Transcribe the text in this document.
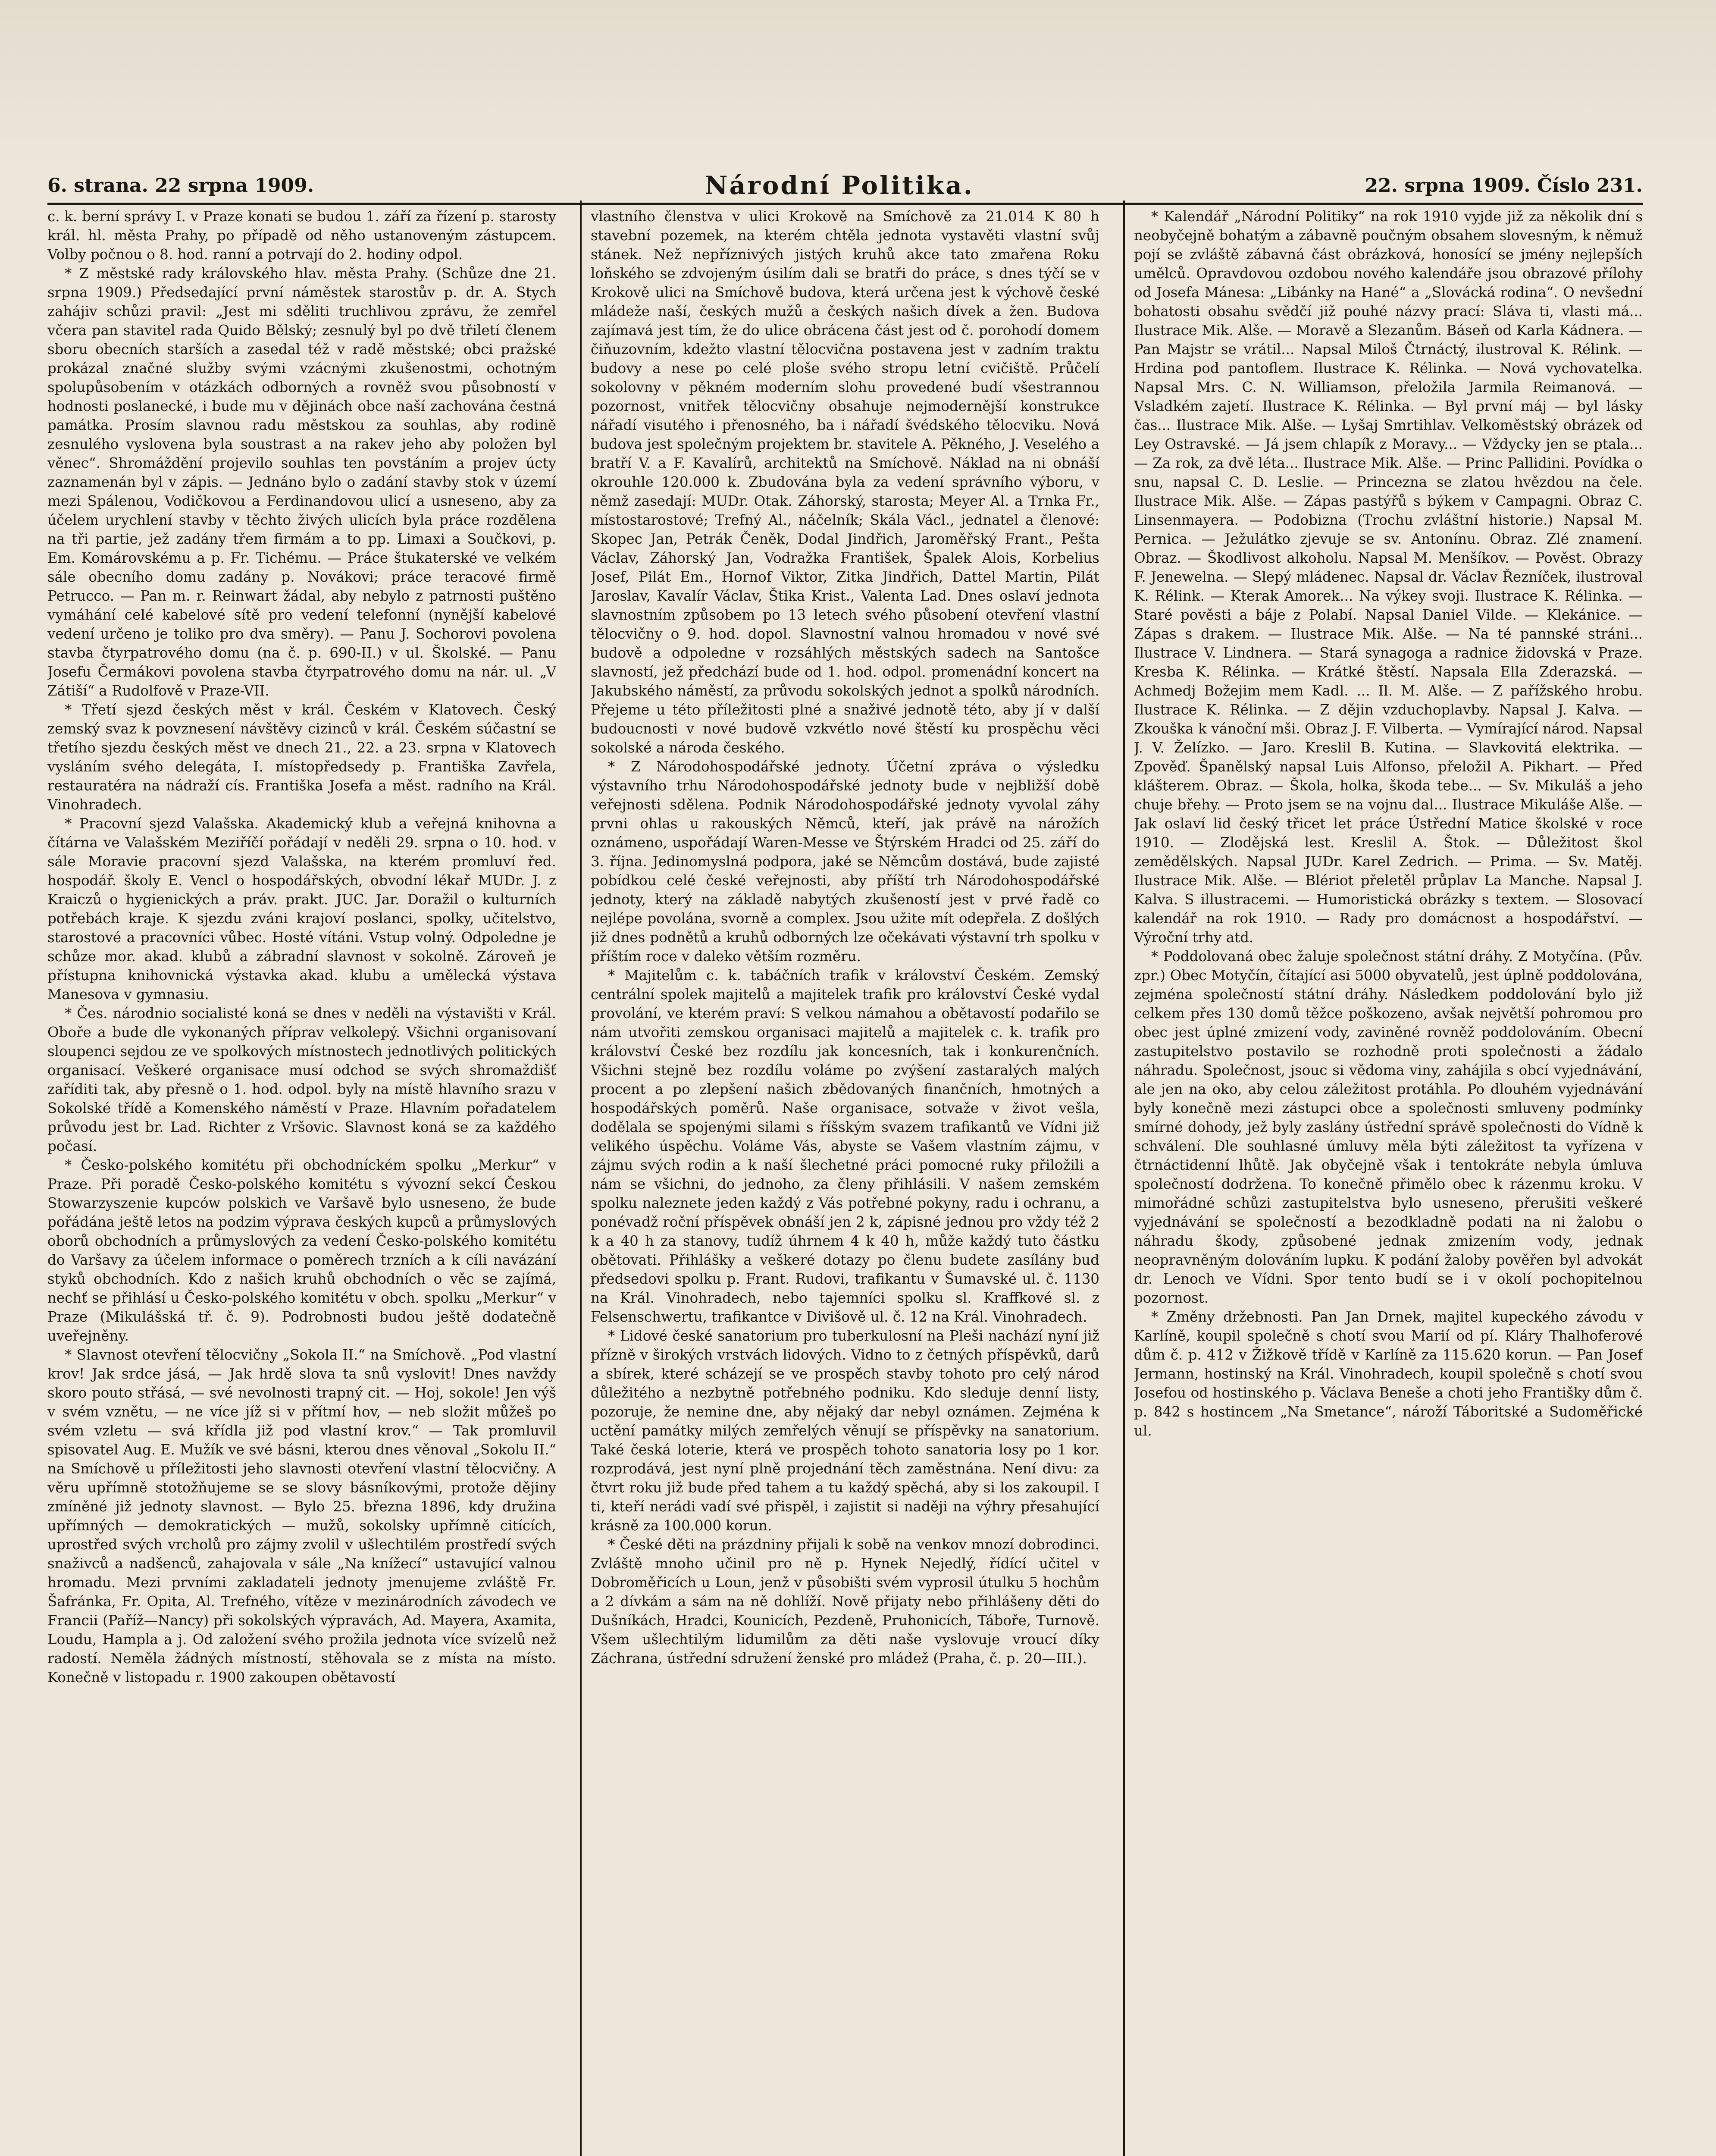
6. strana. 22 srpna 1909.	Národní Politika.	22. srpna 1909. Číslo 231.

c. k. berní správy I. v Praze konati se budou 1. září za řízení p. starosty král. hl. města Prahy, po případě od něho ustanoveným zástupcem. Volby počnou o 8. hod. ranní a potrvají do 2. hodiny odpol.

* Z městské rady královského hlav. města Prahy. (Schůze dne 21. srpna 1909.) Předsedající první náměstek starostův p. dr. A. Stych zahájiv schůzi pravil: „Jest mi sděliti truchlivou zprávu, že zemřel včera pan stavitel rada Quido Bělský; zesnulý byl po dvě třiletí členem sboru obecních starších a zasedal též v radě městské; obci pražské prokázal značné služby svými vzácnými zkušenostmi, ochotným spolupůsobením v otázkách odborných a rovněž svou působností v hodnosti poslanecké, i bude mu v dějinách obce naší zachována čestná památka. Prosím slavnou radu městskou za souhlas, aby rodině zesnulého vyslovena byla soustrast a na rakev jeho aby položen byl věnec“. Shromáždění projevilo souhlas ten povstáním a projev úcty zaznamenán byl v zápis. — Jednáno bylo o zadání stavby stok v území mezi Spálenou, Vodičkovou a Ferdinandovou ulicí a usneseno, aby za účelem urychlení stavby v těchto živých ulicích byla práce rozdělena na tři partie, jež zadány třem firmám a to pp. Limaxi a Součkovi, p. Em. Komárovskému a p. Fr. Tichému. — Práce štukaterské ve velkém sále obecního domu zadány p. Novákovi; práce teracové firmě Petrucco. — Pan m. r. Reinwart žádal, aby nebylo z patrnosti puštěno vymáhání celé kabelové sítě pro vedení telefonní (nynější kabelové vedení určeno je toliko pro dva směry). — Panu J. Sochorovi povolena stavba čtyrpatrového domu (na č. p. 690-II.) v ul. Školské. — Panu Josefu Čermákovi povolena stavba čtyrpatrového domu na nár. ul. „V Zátiší“ a Rudolfově v Praze-VII.

* Třetí sjezd českých měst v král. Českém v Klatovech. Český zemský svaz k povznesení návštěvy cizinců v král. Českém súčastní se třetího sjezdu českých měst ve dnech 21., 22. a 23. srpna v Klatovech vysláním svého delegáta, I. místopředsedy p. Františka Zavřela, restauratéra na nádraží cís. Františka Josefa a měst. radního na Král. Vinohradech.

* Pracovní sjezd Valašska. Akademický klub a veřejná knihovna a čítárna ve Valašském Meziříčí pořádají v neděli 29. srpna o 10. hod. v sále Moravie pracovní sjezd Valašska, na kterém promluví řed. hospodář. školy E. Vencl o hospodářských, obvodní lékař MUDr. J. z Kraiczů o hygienických a práv. prakt. JUC. Jar. Doražil o kulturních potřebách kraje. K sjezdu zváni krajoví poslanci, spolky, učitelstvo, starostové a pracovníci vůbec. Hosté vítáni. Vstup volný. Odpoledne je schůze mor. akad. klubů a zábradní slavnost v sokolně. Zároveň je přístupna knihovnická výstavka akad. klubu a umělecká výstava Manesova v gymnasiu.

* Čes. národnio socialisté koná se dnes v neděli na výstavišti v Král. Oboře a bude dle vykonaných příprav velkolepý. Všichni organisovaní sloupenci sejdou ze ve spolkových místnostech jednotlivých politických organisací. Veškeré organisace musí odchod se svých shromaždišť zaříditi tak, aby přesně o 1. hod. odpol. byly na místě hlavního srazu v Sokolské třídě a Komenského náměstí v Praze. Hlavním pořadatelem průvodu jest br. Lad. Richter z Vršovic. Slavnost koná se za každého počasí.

* Česko-polského komitétu při obchodníckém spolku „Merkur“ v Praze. Při poradě Česko-polského komitétu s vývozní sekcí Českou Stowarzyszenie kupców polskich ve Varšavě bylo usneseno, že bude pořádána ještě letos na podzim výprava českých kupců a průmyslových oborů obchodních a průmyslových za vedení Česko-polského komitétu do Varšavy za účelem informace o poměrech trzních a k cíli navázání styků obchodních. Kdo z našich kruhů obchodních o věc se zajímá, nechť se přihlásí u Česko-polského komitétu v obch. spolku „Merkur“ v Praze (Mikulášská tř. č. 9). Podrobnosti budou ještě dodatečně uveřejněny.

* Slavnost otevření tělocvičny „Sokola II.“ na Smíchově. „Pod vlastní krov! Jak srdce jásá, — Jak hrdě slova ta snů vyslovit! Dnes navždy skoro pouto střásá, — své nevolnosti trapný cit. — Hoj, sokole! Jen výš v svém vznětu, — ne více jíž si v přítmí hov, — neb složit můžeš po svém vzletu — svá křídla již pod vlastní krov.“ — Tak promluvil spisovatel Aug. E. Mužík ve své básni, kterou dnes věnoval „Sokolu II.“ na Smíchově u příležitosti jeho slavnosti otevření vlastní tělocvičny. A věru upřímně stotožňujeme se se slovy básníkovými, protože dějiny zmíněné již jednoty slavnost. — Bylo 25. března 1896, kdy družina upřímných — demokratických — mužů, sokolsky upřímně citících, uprostřed svých vrcholů pro zájmy zvolil v ušlechtilém prostředí svých snaživců a nadšenců, zahajovala v sále „Na knížecí“ ustavující valnou hromadu. Mezi prvními zakladateli jednoty jmenujeme zvláště Fr. Šafránka, Fr. Opita, Al. Trefného, vítěze v mezinárodních závodech ve Francii (Paříž—Nancy) při sokolských výpravách, Ad. Mayera, Axamita, Loudu, Hampla a j. Od založení svého prožila jednota více svízelů než radostí. Neměla žádných místností, stěhovala se z místa na místo. Konečně v listopadu r. 1900 zakoupen obětavostí

vlastního členstva v ulici Krokově na Smíchově za 21.014 K 80 h stavební pozemek, na kterém chtěla jednota vystavěti vlastní svůj stánek. Než nepříznivých jistých kruhů akce tato zmařena Roku loňského se zdvojeným úsilím dali se bratři do práce, s dnes týčí se v Krokově ulici na Smíchově budova, která určena jest k výchově české mládeže naší, českých mužů a českých našich dívek a žen. Budova zajímavá jest tím, že do ulice obrácena část jest od č. porohodí domem čiňuzovním, kdežto vlastní tělocvična postavena jest v zadním traktu budovy a nese po celé ploše svého stropu letní cvičiště. Průčelí sokolovny v pěkném moderním slohu provedené budí všestrannou pozornost, vnitřek tělocvičny obsahuje nejmodernější konstrukce nářadí visutého i přenosného, ba i nářadí švédského tělocviku. Nová budova jest společným projektem br. stavitele A. Pěkného, J. Veselého a bratří V. a F. Kavalírů, architektů na Smíchově. Náklad na ni obnáší okrouhle 120.000 k. Zbudována byla za vedení správního výboru, v němž zasedají: MUDr. Otak. Záhorský, starosta; Meyer Al. a Trnka Fr., místostarostové; Trefný Al., náčelník; Skála Václ., jednatel a členové: Skopec Jan, Petrák Čeněk, Dodal Jindřich, Jaroměřský Frant., Pešta Václav, Záhorský Jan, Vodražka František, Špalek Alois, Korbelius Josef, Pilát Em., Hornof Viktor, Zitka Jindřich, Dattel Martin, Pilát Jaroslav, Kavalír Václav, Štika Krist., Valenta Lad. Dnes oslaví jednota slavnostním způsobem po 13 letech svého působení otevření vlastní tělocvičny o 9. hod. dopol. Slavnostní valnou hromadou v nové své budově a odpoledne v rozsáhlých městských sadech na Santošce slavností, jež předchází bude od 1. hod. odpol. promenádní koncert na Jakubského náměstí, za průvodu sokolských jednot a spolků národních. Přejeme u této příležitosti plné a snaživé jednotě této, aby jí v další budoucnosti v nové budově vzkvétlo nové štěstí ku prospěchu věci sokolské a národa českého.

* Z Národohospodářské jednoty. Účetní zpráva o výsledku výstavního trhu Národohospodářské jednoty bude v nejbližší době veřejnosti sdělena. Podnik Národohospodářské jednoty vyvolal záhy prvni ohlas u rakouských Němců, kteří, jak právě na nárožích oznámeno, uspořádají Waren-Messe ve Štýrském Hradci od 25. září do 3. října. Jedinomyslná podpora, jaké se Němcům dostává, bude zajisté pobídkou celé české veřejnosti, aby příští trh Národohospodářské jednoty, který na základě nabytých zkušeností jest v prvé řadě co nejlépe povolána, svorně a complex. Jsou užite mít odepřela. Z došlých již dnes podnětů a kruhů odborných lze očekávati výstavní trh spolku v příštím roce v daleko větším rozměru.

* Majitelům c. k. tabáčních trafik v království Českém. Zemský centrální spolek majitelů a majitelek trafik pro království České vydal provolání, ve kterém praví: S velkou námahou a obětavostí podařilo se nám utvořiti zemskou organisaci majitelů a majitelek c. k. trafik pro království České bez rozdílu jak koncesních, tak i konkurenčních. Všichni stejně bez rozdílu voláme po zvýšení zastaralých malých procent a po zlepšení našich zbědovaných finančních, hmotných a hospodářských poměrů. Naše organisace, sotvaže v život vešla, dodělala se spojenými silami s říšským svazem trafikantů ve Vídni již velikého úspěchu. Voláme Vás, abyste se Vašem vlastním zájmu, v zájmu svých rodin a k naší šlechetné práci pomocné ruky přiložili a nám se všichni, do jednoho, za členy přihlásili. V našem zemském spolku naleznete jeden každý z Vás potřebné pokyny, radu i ochranu, a ponévadž roční příspěvek obnáší jen 2 k, zápisné jednou pro vždy též 2 k a 40 h za stanovy, tudíž úhrnem 4 k 40 h, může každý tuto částku obětovati. Přihlášky a veškeré dotazy po členu budete zasílány buď předsedovi spolku p. Frant. Rudovi, trafikantu v Šumavské ul. č. 1130 na Král. Vinohradech, nebo tajemníci spolku sl. Kraffkové sl. z Felsenschwertu, trafikantce v Divišově ul. č. 12 na Král. Vinohradech.

* Lidové české sanatorium pro tuberkulosní na Pleši nachází nyní již přízně v širokých vrstvách lidových. Vidno to z četných příspěvků, darů a sbírek, které scházejí se ve prospěch stavby tohoto pro celý národ důležitého a nezbytně potřebného podniku. Kdo sleduje denní listy, pozoruje, že nemine dne, aby nějaký dar nebyl oznámen. Zejména k uctění památky milých zemřelých věnují se příspěvky na sanatorium. Také česká loterie, která ve prospěch tohoto sanatoria losy po 1 kor. rozprodává, jest nyní plně projednání těch zaměstnána. Není divu: za čtvrt roku již bude před tahem a tu každý spěchá, aby si los zakoupil. I ti, kteří nerádi vadí své přispěl, i zajistit si naději na výhry přesahující krásně za 100.000 korun.

* České děti na prázdniny přijali k sobě na venkov mnozí dobrodinci. Zvláště mnoho učinil pro ně p. Hynek Nejedlý, řídící učitel v Dobroměřicích u Loun, jenž v působišti svém vyprosil útulku 5 hochům a 2 dívkám a sám na ně dohlíží. Nově přijaty nebo přihlášeny děti do Dušníkách, Hradci, Kounicích, Pezdeně, Pruhonicích, Táboře, Turnově. Všem ušlechtilým lidumilům za děti naše vyslovuje vroucí díky Záchrana, ústřední sdružení ženské pro mládež (Praha, č. p. 20—III.).

* Kalendář „Národní Politiky“ na rok 1910 vyjde již za několik dní s neobyčejně bohatým a zábavně poučným obsahem slovesným, k němuž pojí se zvláště zábavná část obrázková, honosící se jmény nejlepších umělců. Opravdovou ozdobou nového kalendáře jsou obrazové přílohy od Josefa Mánesa: „Libánky na Hané“ a „Slovácká rodina“. O nevšední bohatosti obsahu svědčí již pouhé názvy prací: Sláva ti, vlasti má... Ilustrace Mik. Alše. — Moravě a Slezanům. Báseň od Karla Kádnera. — Pan Majstr se vrátil... Napsal Miloš Čtrnáctý, ilustroval K. Rélink. — Hrdina pod pantoflem. Ilustrace K. Rélinka. — Nová vychovatelka. Napsal Mrs. C. N. Williamson, přeložila Jarmila Reimanová. — Vsladkém zajetí. Ilustrace K. Rélinka. — Byl první máj — byl lásky čas... Ilustrace Mik. Alše. — Lyšaj Smrtihlav. Velkoměstský obrázek od Ley Ostravské. — Já jsem chlapík z Moravy... — Vždycky jen se ptala... — Za rok, za dvě léta... Ilustrace Mik. Alše. — Princ Pallidini. Povídka o snu, napsal C. D. Leslie. — Princezna se zlatou hvězdou na čele. Ilustrace Mik. Alše. — Zápas pastýřů s býkem v Campagni. Obraz C. Linsenmayera. — Podobizna (Trochu zvláštní historie.) Napsal M. Pernica. — Ježulátko zjevuje se sv. Antonínu. Obraz. Zlé znamení. Obraz. — Škodlivost alkoholu. Napsal M. Menšíkov. — Pověst. Obrazy F. Jenewelna. — Slepý mládenec. Napsal dr. Václav Řezníček, ilustroval K. Rélink. — Kterak Amorek... Na výkey svoji. Ilustrace K. Rélinka. — Staré pověsti a báje z Polabí. Napsal Daniel Vilde. — Klekánice. — Zápas s drakem. — Ilustrace Mik. Alše. — Na té pannské stráni... Ilustrace V. Lindnera. — Stará synagoga a radnice židovská v Praze. Kresba K. Rélinka. — Krátké štěstí. Napsala Ella Zderazská. — Achmedj Božejim mem Kadl. ... Il. M. Alše. — Z pařížského hrobu. Ilustrace K. Rélinka. — Z dějin vzduchoplavby. Napsal J. Kalva. — Zkouška k vánoční mši. Obraz J. F. Vilberta. — Vymírající národ. Napsal J. V. Želízko. — Jaro. Kreslil B. Kutina. — Slavkovitá elektrika. — Zpověď. Španělský napsal Luis Alfonso, přeložil A. Pikhart. — Před klášterem. Obraz. — Škola, holka, škoda tebe... — Sv. Mikuláš a jeho chuje břehy. — Proto jsem se na vojnu dal... Ilustrace Mikuláše Alše. — Jak oslaví lid český třicet let práce Ústřední Matice školské v roce 1910. — Zlodějská lest. Kreslil A. Štok. — Důležitost škol zemědělských. Napsal JUDr. Karel Zedrich. — Prima. — Sv. Matěj. Ilustrace Mik. Alše. — Blériot přeletěl průplav La Manche. Napsal J. Kalva. S illustracemi. — Humoristická obrázky s textem. — Slosovací kalendář na rok 1910. — Rady pro domácnost a hospodářství. — Výroční trhy atd.

* Poddolovaná obec žaluje společnost státní dráhy. Z Motyčína. (Pův. zpr.) Obec Motyčín, čítající asi 5000 obyvatelů, jest úplně poddolována, zejména společností státní dráhy. Následkem poddolování bylo již celkem přes 130 domů těžce poškozeno, avšak největší pohromou pro obec jest úplné zmizení vody, zaviněné rovněž poddolováním. Obecní zastupitelstvo postavilo se rozhodně proti společnosti a žádalo náhradu. Společnost, jsouc si vědoma viny, zahájila s obcí vyjednávání, ale jen na oko, aby celou záležitost protáhla. Po dlouhém vyjednávání byly konečně mezi zástupci obce a společnosti smluveny podmínky smírné dohody, jež byly zaslány ústřední správě společnosti do Vídně k schválení. Dle souhlasné úmluvy měla býti záležitost ta vyřízena v čtrnáctidenní lhůtě. Jak obyčejně však i tentokráte nebyla úmluva společností dodržena. To konečně přimělo obec k rázenmu kroku. V mimořádné schůzi zastupitelstva bylo usneseno, přerušiti veškeré vyjednávání se společností a bezodkladně podati na ni žalobu o náhradu škody, způsobené jednak zmizením vody, jednak neopravněným dolováním lupku. K podání žaloby pověřen byl advokát dr. Lenoch ve Vídni. Spor tento budí se i v okolí pochopitelnou pozornost.

* Změny držebnosti. Pan Jan Drnek, majitel kupeckého závodu v Karlíně, koupil společně s chotí svou Marií od pí. Kláry Thalhoferové dům č. p. 412 v Žižkově třídě v Karlíně za 115.620 korun. — Pan Josef Jermann, hostinský na Král. Vinohradech, koupil společně s chotí svou Josefou od hostinského p. Václava Beneše a choti jeho Františky dům č. p. 842 s hostincem „Na Smetance“, nároží Táboritské a Sudoměřické ul.
